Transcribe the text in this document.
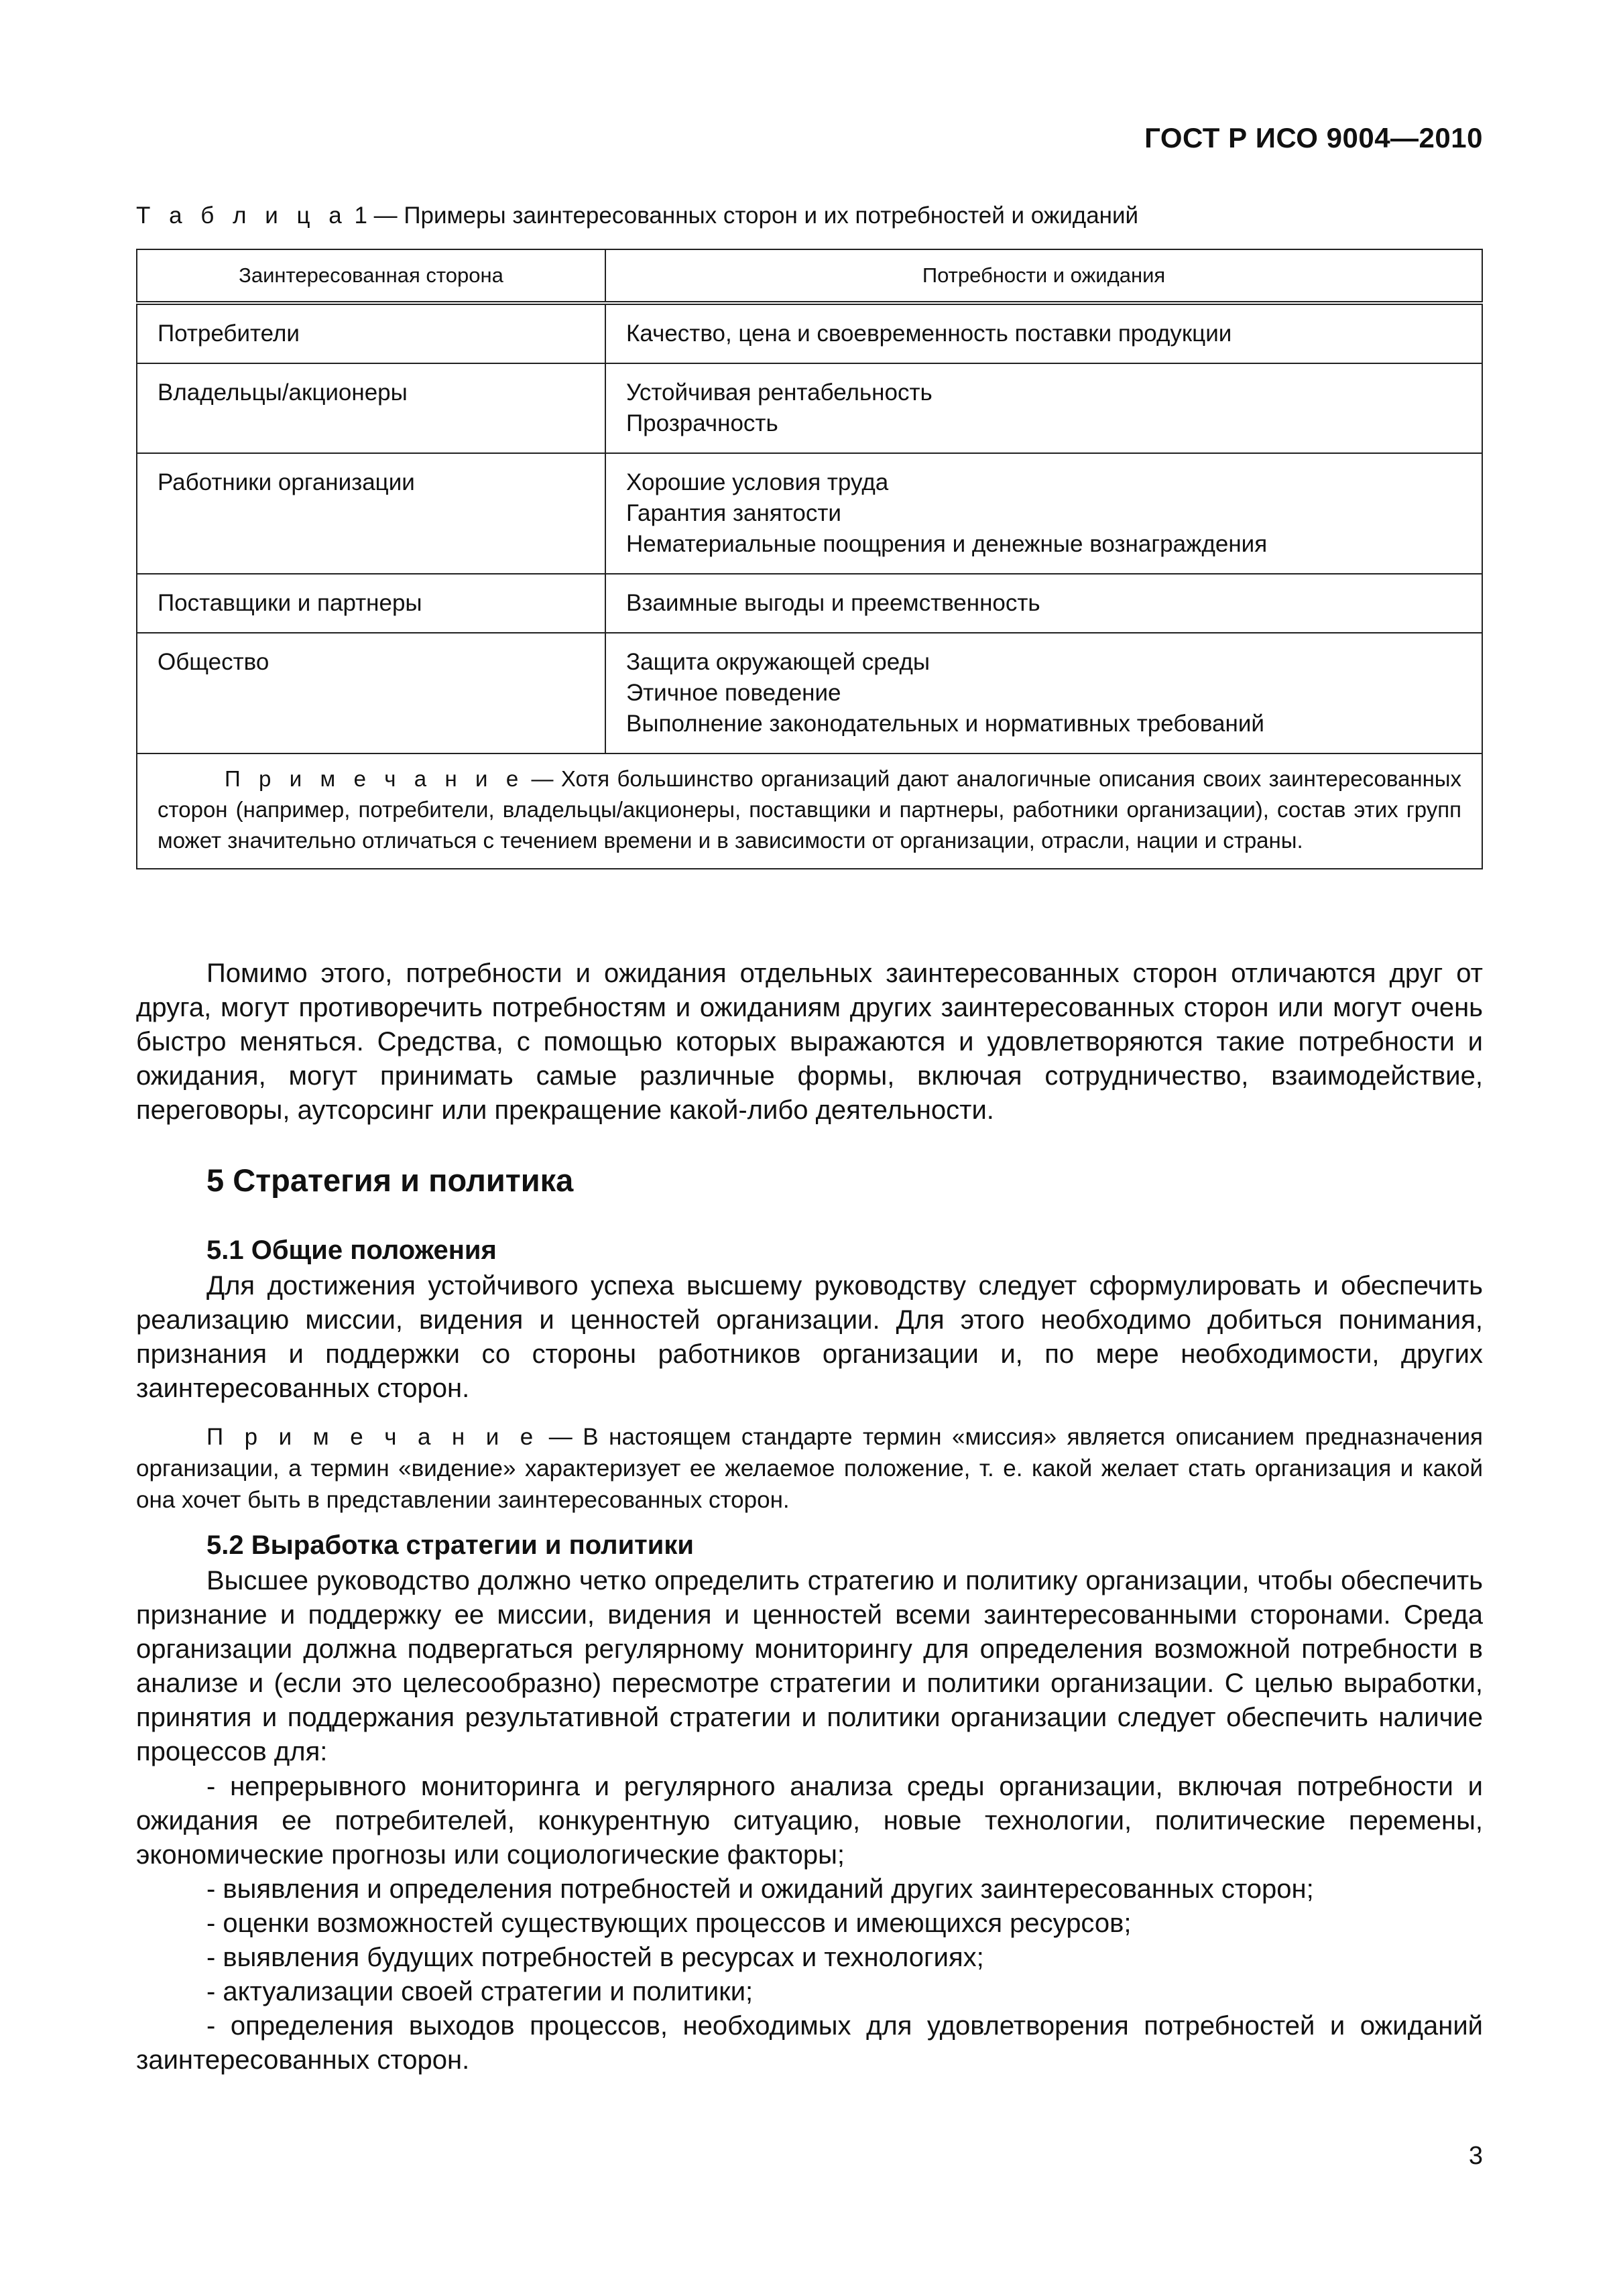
ГОСТ Р ИСО 9004—2010
Т а б л и ц а 1 — Примеры заинтересованных сторон и их потребностей и ожиданий
Заинтересованная сторона	Потребности и ожидания
Потребители	Качество, цена и своевременность поставки продукции

Владельцы/акционеры	Устойчивая рентабельность
Прозрачность

Работники организации	Хорошие условия труда
Гарантия занятости
Нематериальные поощрения и денежные вознаграждения

Поставщики и партнеры	Взаимные выгоды и преемственность

Общество	Защита окружающей среды
Этичное поведение
Выполнение законодательных и нормативных требований

П р и м е ч а н и е — Хотя большинство организаций дают аналогичные описания своих заинтересованных сторон (например, потребители, владельцы/акционеры, поставщики и партнеры, работники организации), состав этих групп может значительно отличаться с течением времени и в зависимости от организации, отрасли, нации и страны.	

Помимо этого, потребности и ожидания отдельных заинтересованных сторон отличаются друг от друга, могут противоречить потребностям и ожиданиям других заинтересованных сторон или могут очень быстро меняться. Средства, с помощью которых выражаются и удовлетворяются такие потребности и ожидания, могут принимать самые различные формы, включая сотрудничество, взаимодействие, переговоры, аутсорсинг или прекращение какой-либо деятельности.

5 Стратегия и политика
5.1 Общие положения

Для достижения устойчивого успеха высшему руководству следует сформулировать и обеспечить реализацию миссии, видения и ценностей организации. Для этого необходимо добиться понимания, признания и поддержки со стороны работников организации и, по мере необходимости, других заинтересованных сторон.

П р и м е ч а н и е — В настоящем стандарте термин «миссия» является описанием предназначения организации, а термин «видение» характеризует ее желаемое положение, т. е. какой желает стать организация и какой она хочет быть в представлении заинтересованных сторон.
5.2 Выработка стратегии и политики

Высшее руководство должно четко определить стратегию и политику организации, чтобы обеспечить признание и поддержку ее миссии, видения и ценностей всеми заинтересованными сторонами. Среда организации должна подвергаться регулярному мониторингу для определения возможной потребности в анализе и (если это целесообразно) пересмотре стратегии и политики организации. С целью выработки, принятия и поддержания результативной стратегии и политики организации следует обеспечить наличие процессов для:

- непрерывного мониторинга и регулярного анализа среды организации, включая потребности и ожидания ее потребителей, конкурентную ситуацию, новые технологии, политические перемены, экономические прогнозы или социологические факторы;
- выявления и определения потребностей и ожиданий других заинтересованных сторон;
- оценки возможностей существующих процессов и имеющихся ресурсов;
- выявления будущих потребностей в ресурсах и технологиях;
- актуализации своей стратегии и политики;
- определения выходов процессов, необходимых для удовлетворения потребностей и ожиданий заинтересованных сторон.
3
